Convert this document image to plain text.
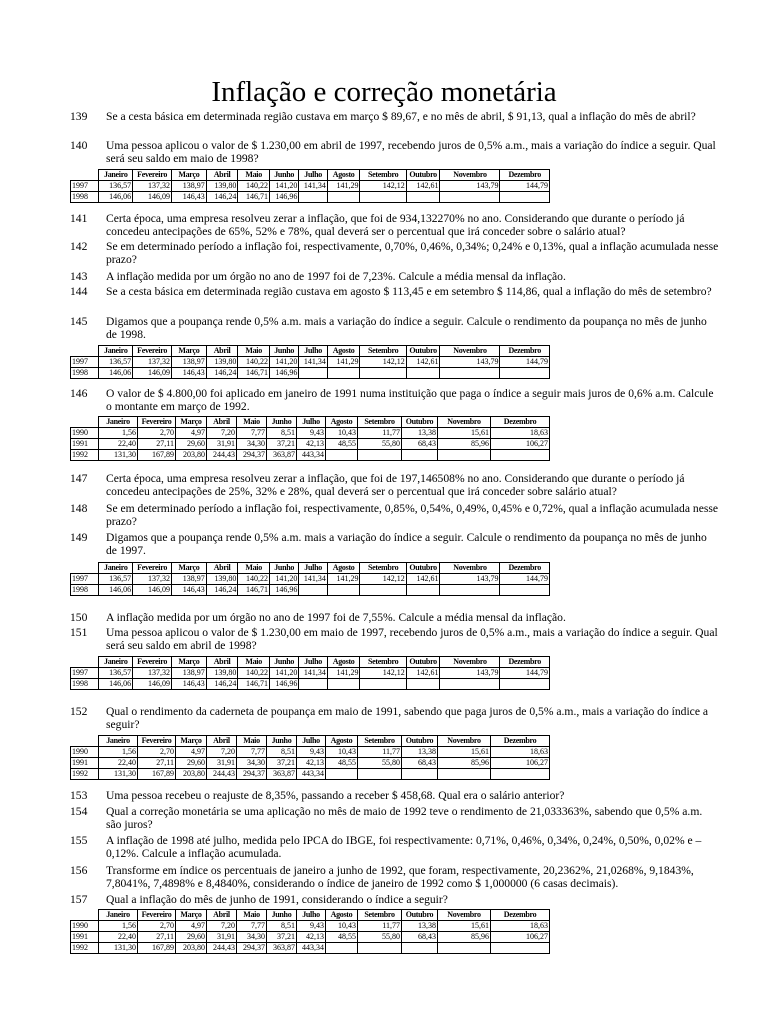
Inflação e correção monetária
139	Se a cesta básica em determinada região custava em março $ 89,67, e no mês de abril, $ 91,13, qual a inflação do mês de abril?
140	Uma pessoa aplicou o valor de $ 1.230,00 em abril de 1997, recebendo juros de 0,5% a.m., mais a variação do índice a seguir. Qual será seu saldo em maio de 1998?
141	Certa época, uma empresa resolveu zerar a inflação, que foi de 934,132270% no ano. Considerando que durante o período já concedeu antecipações de 65%, 52% e 78%, qual deverá ser o percentual que irá conceder sobre o salário atual?
142	Se em determinado período a inflação foi, respectivamente, 0,70%, 0,46%, 0,34%; 0,24% e 0,13%, qual a inflação acumulada nesse prazo?
143	A inflação medida por um órgão no ano de 1997 foi de 7,23%. Calcule a média mensal da inflação.
144	Se a cesta básica em determinada região custava em agosto $ 113,45 e em setembro $ 114,86, qual a inflação do mês de setembro?
145	Digamos que a poupança rende 0,5% a.m. mais a variação do índice a seguir. Calcule o rendimento da poupança no mês de junho de 1998.
146	O valor de $ 4.800,00 foi aplicado em janeiro de 1991 numa instituição que paga o índice a seguir mais juros de 0,6% a.m. Calcule o montante em março de 1992.
147	Certa época, uma empresa resolveu zerar a inflação, que foi de 197,146508% no ano. Considerando que durante o período já concedeu antecipações de 25%, 32% e 28%, qual deverá ser o percentual que irá conceder sobre salário atual?
148	Se em determinado período a inflação foi, respectivamente, 0,85%, 0,54%, 0,49%, 0,45% e 0,72%, qual a inflação acumulada nesse prazo?
149	Digamos que a poupança rende 0,5% a.m. mais a variação do índice a seguir. Calcule o rendimento da poupança no mês de junho de 1997.
150	A inflação medida por um órgão no ano de 1997 foi de 7,55%. Calcule a média mensal da inflação.
151	Uma pessoa aplicou o valor de $ 1.230,00 em maio de 1997, recebendo juros de 0,5% a.m., mais a variação do índice a seguir. Qual será seu saldo em abril de 1998?
152	Qual o rendimento da caderneta de poupança em maio de 1991, sabendo que paga juros de 0,5% a.m., mais a variação do índice a seguir?
153	Uma pessoa recebeu o reajuste de 8,35%, passando a receber $ 458,68. Qual era o salário anterior?
154	Qual a correção monetária se uma aplicação no mês de maio de 1992 teve o rendimento de 21,033363%, sabendo que 0,5% a.m. são juros?
155	A inflação de 1998 até julho, medida pelo IPCA do IBGE, foi respectivamente: 0,71%, 0,46%, 0,34%, 0,24%, 0,50%, 0,02% e –0,12%. Calcule a inflação acumulada.
156	Transforme em índice os percentuais de janeiro a junho de 1992, que foram, respectivamente, 20,2362%, 21,0268%, 9,1843%, 7,8041%, 7,4898% e 8,4840%, considerando o índice de janeiro de 1992 como $ 1,000000 (6 casas decimais).
157	Qual a inflação do mês de junho de 1991, considerando o índice a seguir?
	Janeiro	Fevereiro	Março	Abril	Maio	Junho	Julho	Agosto	Setembro	Outubro	Novembro	Dezembro
1997	136,57	137,32	138,97	139,80	140,22	141,20	141,34	141,29	142,12	142,61	143,79	144,79
1998	146,06	146,09	146,43	146,24	146,71	146,96						
	Janeiro	Fevereiro	Março	Abril	Maio	Junho	Julho	Agosto	Setembro	Outubro	Novembro	Dezembro
1997	136,57	137,32	138,97	139,80	140,22	141,20	141,34	141,29	142,12	142,61	143,79	144,79
1998	146,06	146,09	146,43	146,24	146,71	146,96						
	Janeiro	Fevereiro	Março	Abril	Maio	Junho	Julho	Agosto	Setembro	Outubro	Novembro	Dezembro
1990	1,56	2,70	4,97	7,20	7,77	8,51	9,43	10,43	11,77	13,38	15,61	18,63
1991	22,40	27,11	29,60	31,91	34,30	37,21	42,13	48,55	55,80	68,43	85,96	106,27
1992	131,30	167,89	203,80	244,43	294,37	363,87	443,34					
	Janeiro	Fevereiro	Março	Abril	Maio	Junho	Julho	Agosto	Setembro	Outubro	Novembro	Dezembro
1997	136,57	137,32	138,97	139,80	140,22	141,20	141,34	141,29	142,12	142,61	143,79	144,79
1998	146,06	146,09	146,43	146,24	146,71	146,96						
	Janeiro	Fevereiro	Março	Abril	Maio	Junho	Julho	Agosto	Setembro	Outubro	Novembro	Dezembro
1997	136,57	137,32	138,97	139,80	140,22	141,20	141,34	141,29	142,12	142,61	143,79	144,79
1998	146,06	146,09	146,43	146,24	146,71	146,96						
	Janeiro	Fevereiro	Março	Abril	Maio	Junho	Julho	Agosto	Setembro	Outubro	Novembro	Dezembro
1990	1,56	2,70	4,97	7,20	7,77	8,51	9,43	10,43	11,77	13,38	15,61	18,63
1991	22,40	27,11	29,60	31,91	34,30	37,21	42,13	48,55	55,80	68,43	85,96	106,27
1992	131,30	167,89	203,80	244,43	294,37	363,87	443,34					
	Janeiro	Fevereiro	Março	Abril	Maio	Junho	Julho	Agosto	Setembro	Outubro	Novembro	Dezembro
1990	1,56	2,70	4,97	7,20	7,77	8,51	9,43	10,43	11,77	13,38	15,61	18,63
1991	22,40	27,11	29,60	31,91	34,30	37,21	42,13	48,55	55,80	68,43	85,96	106,27
1992	131,30	167,89	203,80	244,43	294,37	363,87	443,34					
